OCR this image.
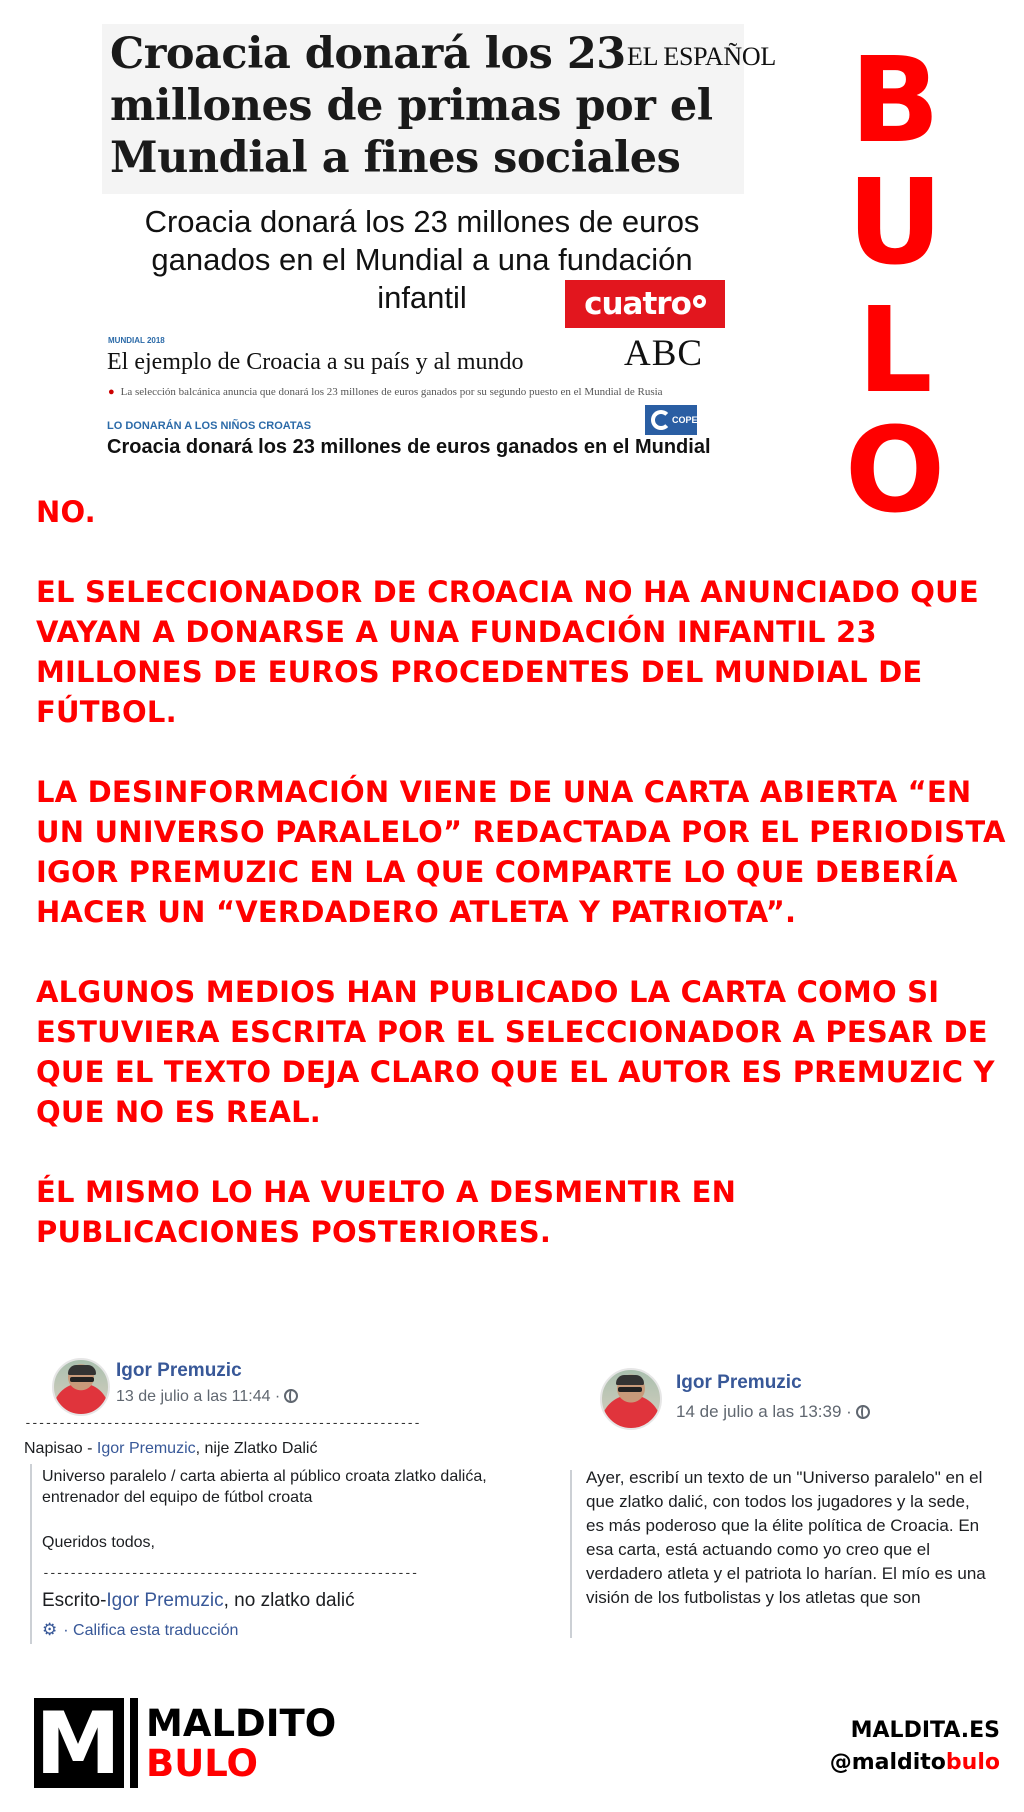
Croacia donará los 23 millones de primas por el Mundial a fines sociales
EL ESPAÑOL
Croacia donará los 23 millones de euros ganados en el Mundial a una fundación infantil	cuatro
MUNDIAL 2018
El ejemplo de Croacia a su país y al mundo	ABC
● La selección balcánica anuncia que donará los 23 millones de euros ganados por su segundo puesto en el Mundial de Rusia
LO DONARÁN A LOS NIÑOS CROATAS	COPE
Croacia donará los 23 millones de euros ganados en el Mundial
B
U
L
O

NO.

EL SELECCIONADOR DE CROACIA NO HA ANUNCIADO QUE VAYAN A DONARSE A UNA FUNDACIÓN INFANTIL 23 MILLONES DE EUROS PROCEDENTES DEL MUNDIAL DE FÚTBOL.

LA DESINFORMACIÓN VIENE DE UNA CARTA ABIERTA “EN UN UNIVERSO PARALELO” REDACTADA POR EL PERIODISTA IGOR PREMUZIC EN LA QUE COMPARTE LO QUE DEBERÍA HACER UN “VERDADERO ATLETA Y PATRIOTA”.

ALGUNOS MEDIOS HAN PUBLICADO LA CARTA COMO SI ESTUVIERA ESCRITA POR EL SELECCIONADOR A PESAR DE QUE EL TEXTO DEJA CLARO QUE EL AUTOR ES PREMUZIC Y QUE NO ES REAL.

ÉL MISMO LO HA VUELTO A DESMENTIR EN PUBLICACIONES POSTERIORES.

Igor Premuzic
13 de julio a las 11:44 ·
----------------------------------------------------------
Napisao - Igor Premuzic, nije Zlatko Dalić
Universo paralelo / carta abierta al público croata zlatko dalića, entrenador del equipo de fútbol croata
Queridos todos,
-------------------------------------------------------
Escrito-Igor Premuzic, no zlatko dalić
⚙ · Califica esta traducción
Igor Premuzic
14 de julio a las 13:39 ·
Ayer, escribí un texto de un "Universo paralelo" en el que zlatko dalić, con todos los jugadores y la sede, es más poderoso que la élite política de Croacia. En esa carta, está actuando como yo creo que el verdadero atleta y el patriota lo harían. El mío es una visión de los futbolistas y los atletas que son
M MALDITO
BULO
MALDITA.ES
@malditobulo
